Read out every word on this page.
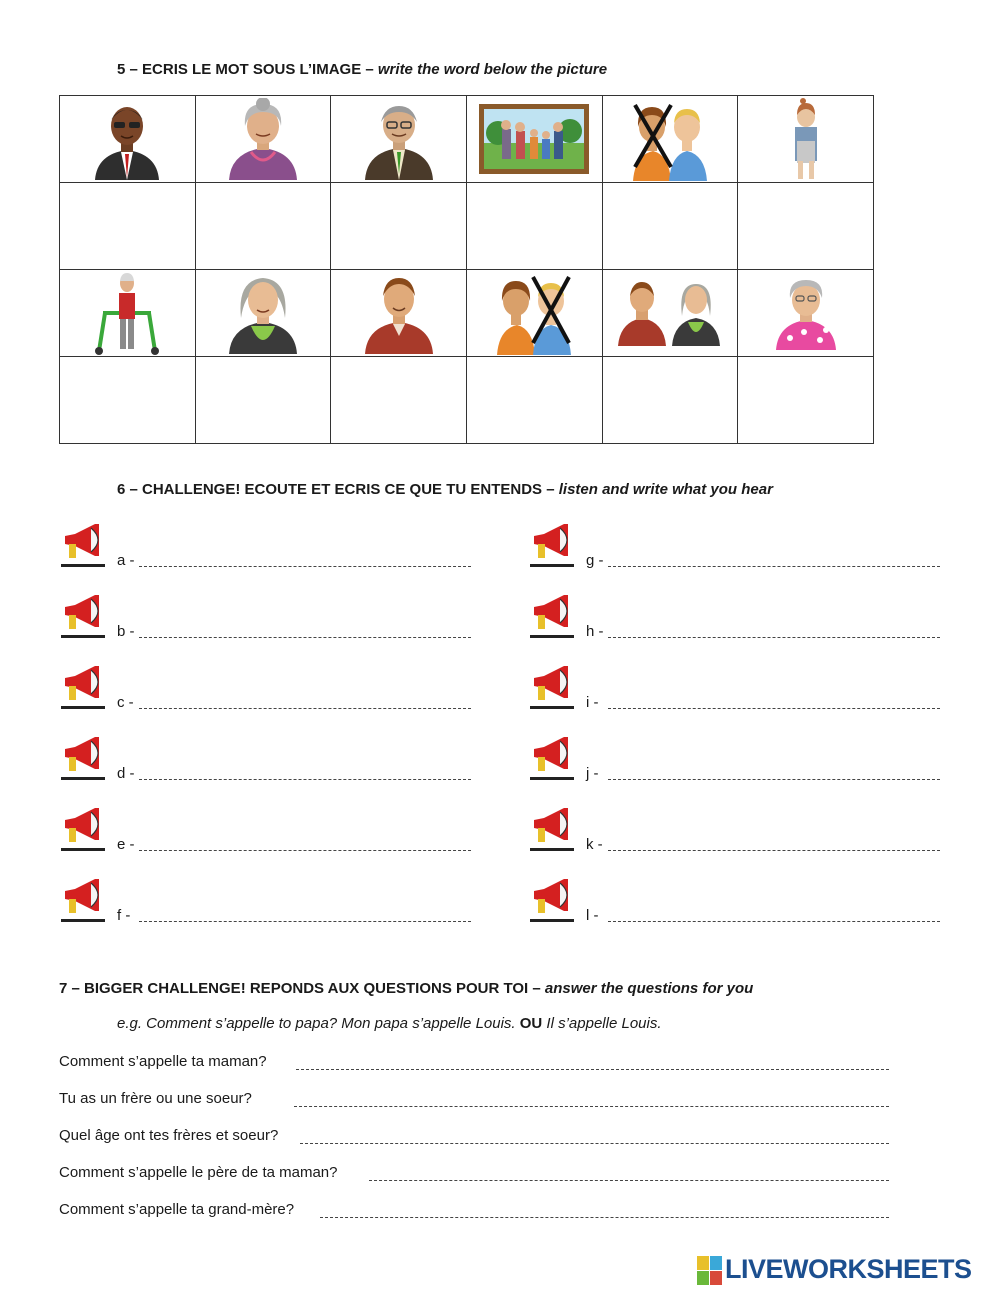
5 – ECRIS LE MOT SOUS L’IMAGE – write the word below the picture

6 – CHALLENGE! ECOUTE ET ECRIS CE QUE TU ENTENDS – listen and write what you hear
a -
b -
c -
d -
e -
f -
g -
h -
i -
j -
k -
l -
7 – BIGGER CHALLENGE! REPONDS AUX QUESTIONS POUR TOI – answer the questions for you
e.g. Comment s’appelle to papa? Mon papa s’appelle Louis. OU Il s’appelle Louis.
Comment s’appelle ta maman?
Tu as un frère ou une soeur?
Quel âge ont tes frères et soeur?
Comment s’appelle le père de ta maman?
Comment s’appelle ta grand-mère?
LIVEWORKSHEETS
